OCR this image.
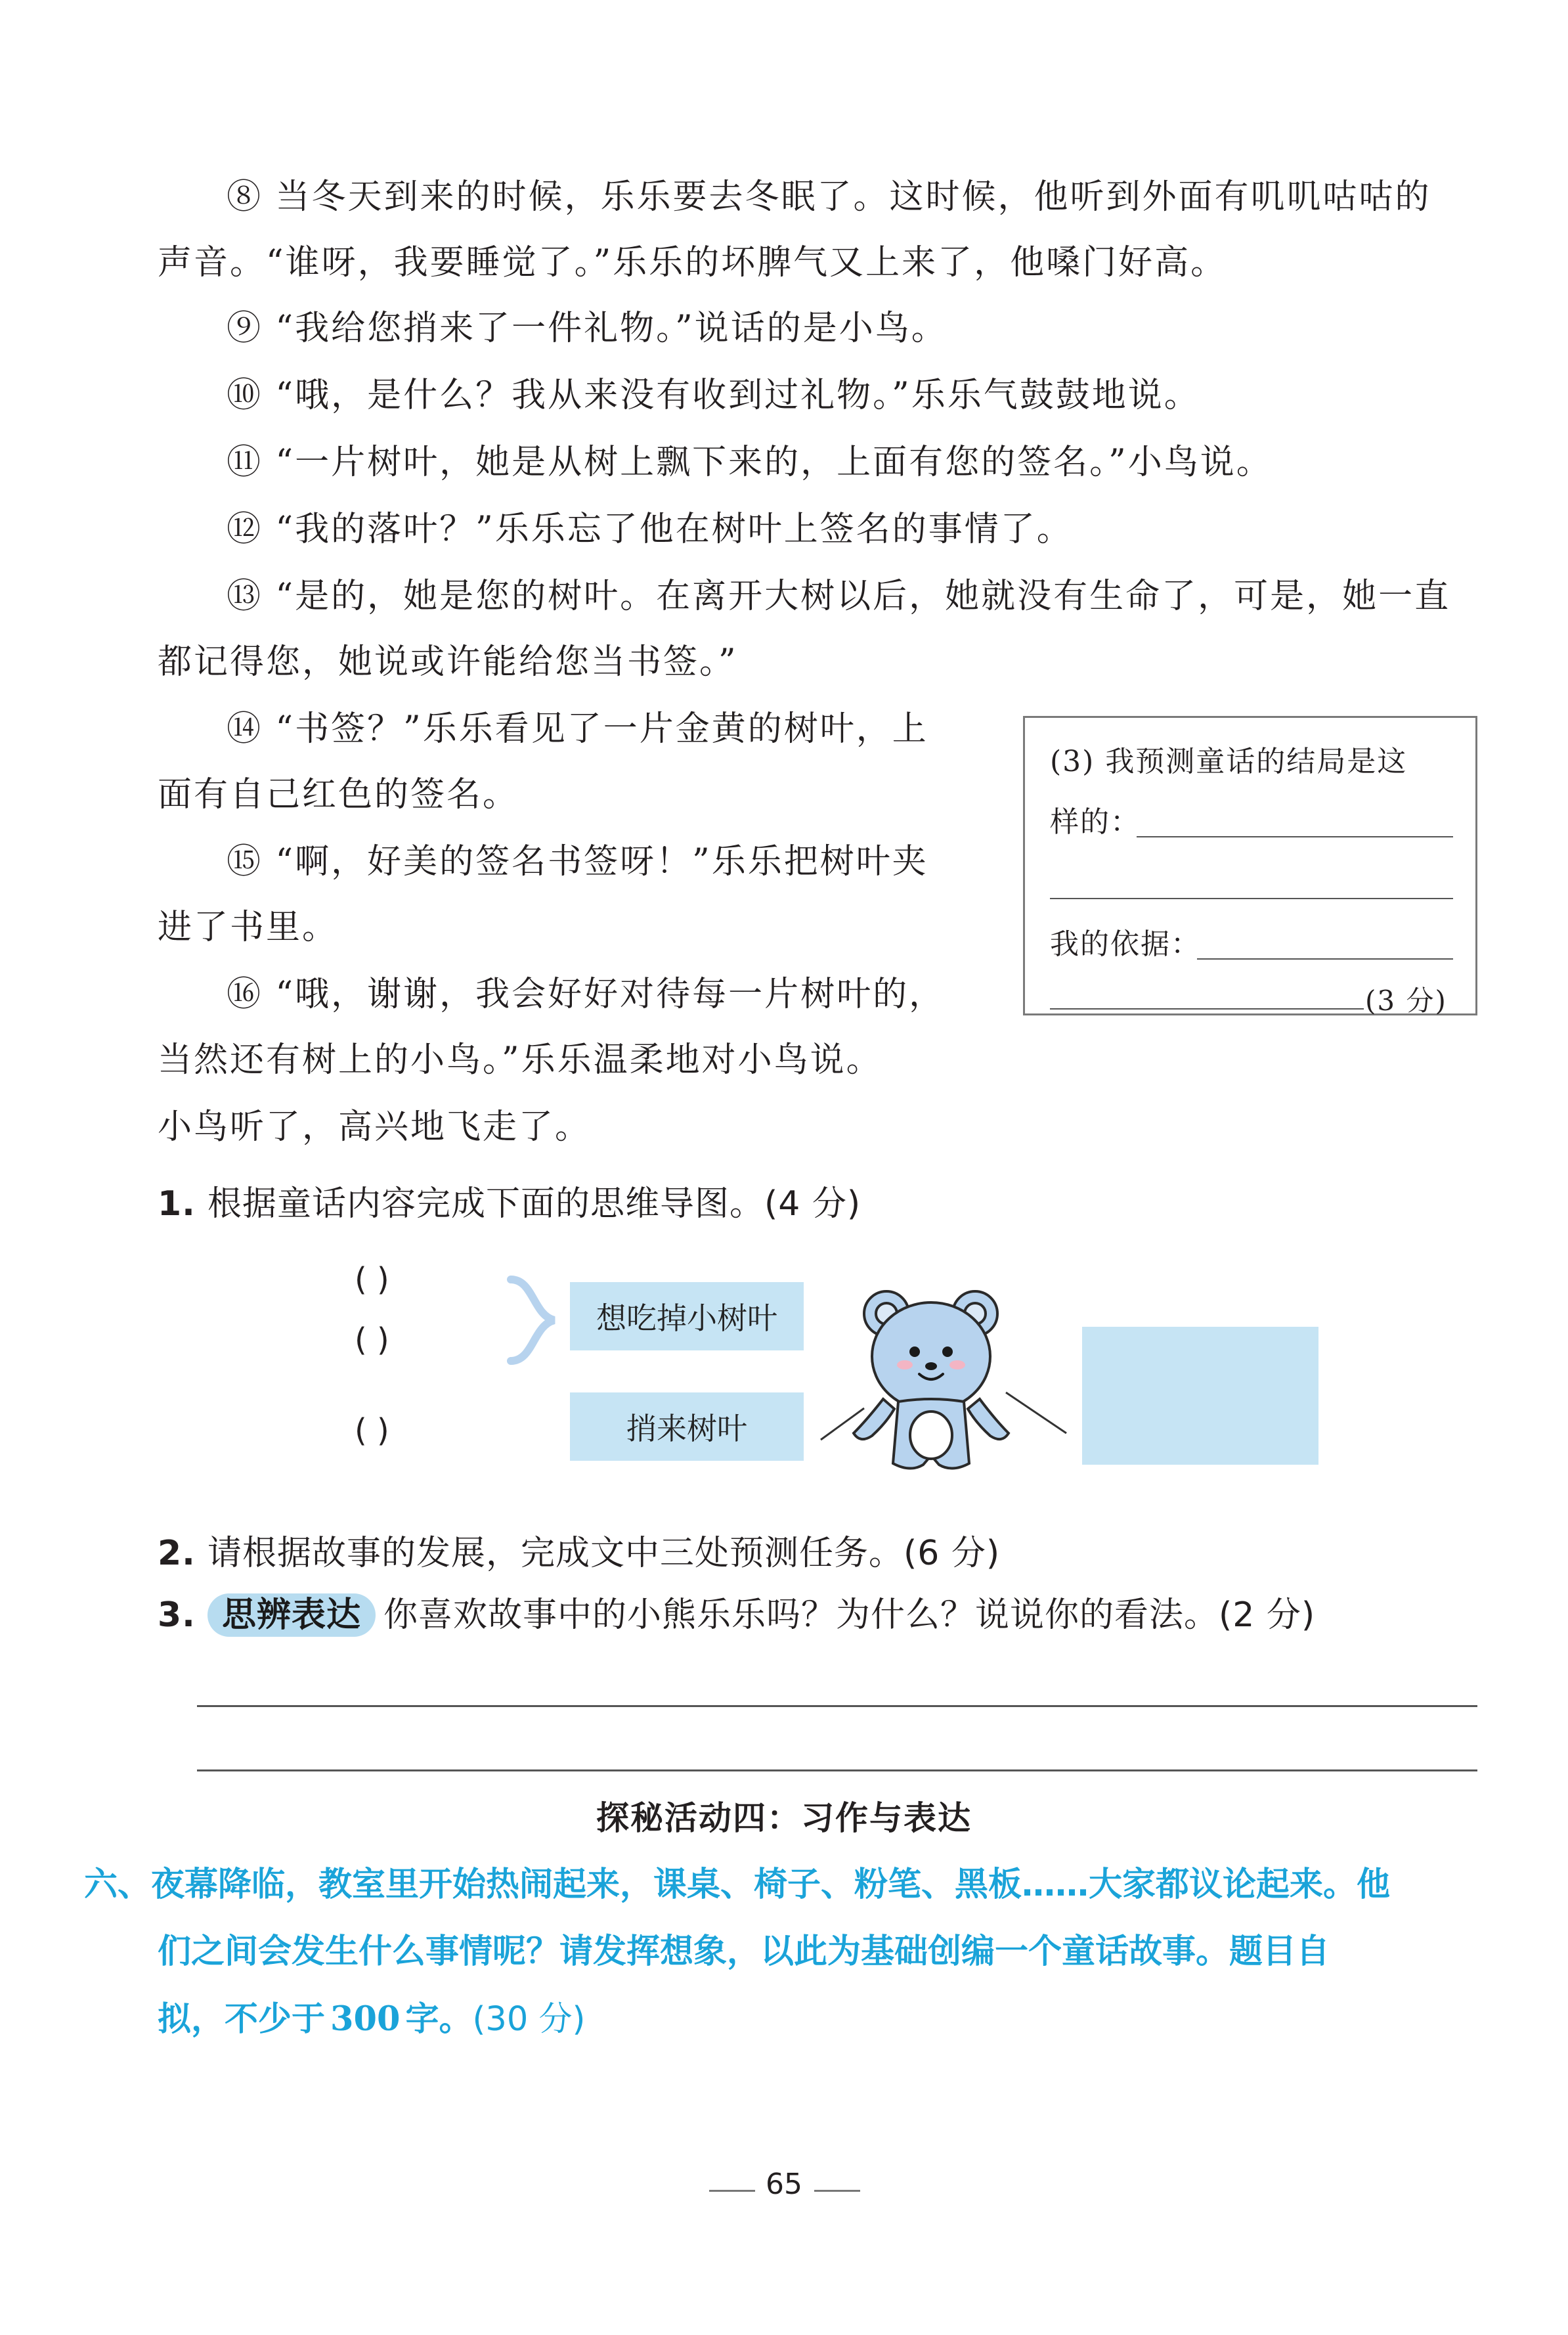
⑧ 当冬天到来的时候，乐乐要去冬眠了。这时候，他听到外面有叽叽咕咕的
声音。“谁呀，我要睡觉了。”乐乐的坏脾气又上来了，他嗓门好高。
⑨ “我给您捎来了一件礼物。”说话的是小鸟。
⑩ “哦，是什么？我从来没有收到过礼物。”乐乐气鼓鼓地说。
⑪ “一片树叶，她是从树上飘下来的，上面有您的签名。”小鸟说。
⑫ “我的落叶？”乐乐忘了他在树叶上签名的事情了。
⑬ “是的，她是您的树叶。在离开大树以后，她就没有生命了，可是，她一直
都记得您，她说或许能给您当书签。”
⑭ “书签？”乐乐看见了一片金黄的树叶，上
面有自己红色的签名。
⑮ “啊，好美的签名书签呀！”乐乐把树叶夹
进了书里。
⑯ “哦，谢谢，我会好好对待每一片树叶的，
当然还有树上的小鸟。”乐乐温柔地对小鸟说。
小鸟听了，高兴地飞走了。
(3) 我预测童话的结局是这
样的：
我的依据：
(3 分)
1. 根据童话内容完成下面的思维导图。(4 分)
( )
( )
( )
想吃掉小树叶
捎来树叶
2. 请根据故事的发展，完成文中三处预测任务。(6 分)
3. 思辨表达 你喜欢故事中的小熊乐乐吗？为什么？说说你的看法。(2 分)
探秘活动四：习作与表达
六、夜幕降临，教室里开始热闹起来，课桌、椅子、粉笔、黑板……大家都议论起来。他
们之间会发生什么事情呢？请发挥想象，以此为基础创编一个童话故事。题目自
拟，不少于 300 字。(30 分)
65
